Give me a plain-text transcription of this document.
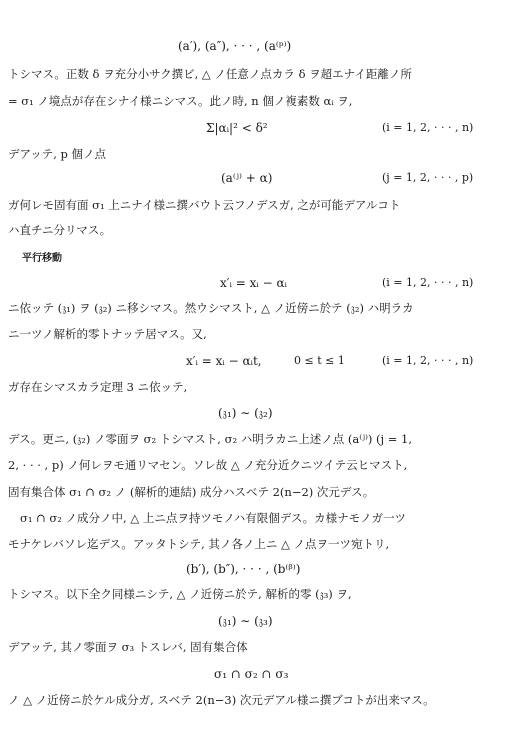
(a′), (a″), · · · , (a⁽ᵖ⁾)
トシマス。正数 δ ヲ充分小サク撰ビ, △ ノ任意ノ点カラ δ ヲ超エナイ距離ノ所
= σ₁ ノ境点が存在シナイ様ニシマス。此ノ時, n 個ノ複素数 αᵢ ヲ,
Σ|αᵢ|² < δ²	(i = 1, 2, · · · , n)
デアッテ, p 個ノ点
(a⁽ʲ⁾ + α)	(j = 1, 2, · · · , p)
ガ何レモ固有面 σ₁ 上ニナイ様ニ撰バウト云フノデスガ, 之が可能デアルコト
ハ直チニ分リマス。
平行移動
x′ᵢ = xᵢ − αᵢ	(i = 1, 2, · · · , n)
ニ依ッテ (𝔷₁) ヲ (𝔷₂) ニ移シマス。然ウシマスト, △ ノ近傍ニ於テ (𝔷₂) ハ明ラカ
ニ一ツノ解析的零トナッテ居マス。又,
x′ᵢ = xᵢ − αᵢt,	0 ≤ t ≤ 1	(i = 1, 2, · · · , n)
ガ存在シマスカラ定理 3 ニ依ッテ,
(𝔷₁) ∼ (𝔷₂)
デス。更ニ, (𝔷₂) ノ零面ヲ σ₂ トシマスト, σ₂ ハ明ラカニ上述ノ点 (a⁽ʲ⁾) (j = 1,
2, · · · , p) ノ何レヲモ通リマセン。ソレ故 △ ノ充分近クニツイテ云ヒマスト,
固有集合体 σ₁ ∩ σ₂ ノ (解析的連結) 成分ハスベテ 2(n−2) 次元デス。
σ₁ ∩ σ₂ ノ成分ノ中, △ 上ニ点ヲ持ツモノハ有限個デス。カ様ナモノガ一ツ
モナケレバソレ迄デス。アッタトシテ, 其ノ各ノ上ニ △ ノ点ヲ一ツ宛トリ,
(b′), (b″), · · · , (b⁽ᵝ⁾)
トシマス。以下全ク同様ニシテ, △ ノ近傍ニ於テ, 解析的零 (𝔷₃) ヲ,
(𝔷₁) ∼ (𝔷₃)
デアッテ, 其ノ零面ヲ σ₃ トスレバ, 固有集合体
σ₁ ∩ σ₂ ∩ σ₃
ノ △ ノ近傍ニ於ケル成分ガ, スベテ 2(n−3) 次元デアル様ニ撰ブコトが出来マス。
